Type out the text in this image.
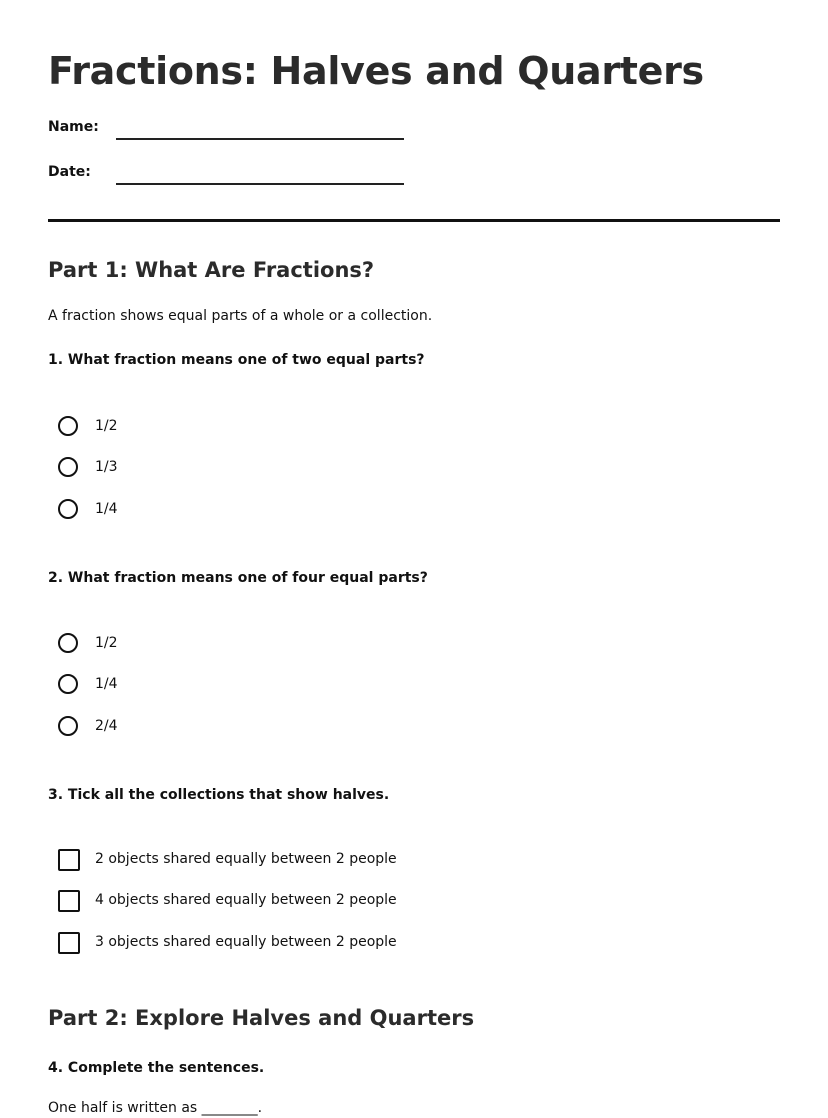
Fractions: Halves and Quarters
Name:
Date:
Part 1: What Are Fractions?

A fraction shows equal parts of a whole or a collection.

1. What fraction means one of two equal parts?

1/2
1/3
1/4

2. What fraction means one of four equal parts?

1/2
1/4
2/4

3. Tick all the collections that show halves.

2 objects shared equally between 2 people
4 objects shared equally between 2 people
3 objects shared equally between 2 people
Part 2: Explore Halves and Quarters

4. Complete the sentences.

One half is written as ________.
